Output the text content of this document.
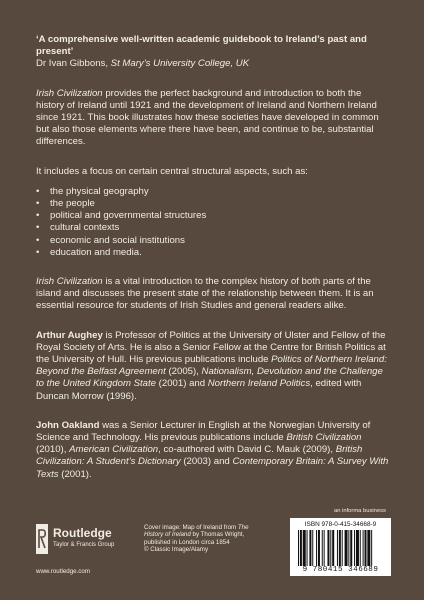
‘A comprehensive well-written academic guidebook to Ireland’s past and present’

Dr Ivan Gibbons, St Mary’s University College, UK

Irish Civilization provides the perfect background and introduction to both the history of Ireland until 1921 and the development of Ireland and Northern Ireland since 1921. This book illustrates how these societies have developed in common but also those elements where there have been, and continue to be, substantial differences.

It includes a focus on certain central structural aspects, such as:

• the physical geography
• the people
• political and governmental structures
• cultural contexts
• economic and social institutions
• education and media.

Irish Civilization is a vital introduction to the complex history of both parts of the island and discusses the present state of the relationship between them. It is an essential resource for students of Irish Studies and general readers alike.

Arthur Aughey is Professor of Politics at the University of Ulster and Fellow of the Royal Society of Arts. He is also a Senior Fellow at the Centre for British Politics at the University of Hull. His previous publications include Politics of Northern Ireland: Beyond the Belfast Agreement (2005), Nationalism, Devolution and the Challenge to the United Kingdom State (2001) and Northern Ireland Politics, edited with Duncan Morrow (1996).

John Oakland was a Senior Lecturer in English at the Norwegian University of Science and Technology. His previous publications include British Civilization (2010), American Civilization, co-authored with David C. Mauk (2009), British Civilization: A Student’s Dictionary (2003) and Contemporary Britain: A Survey With Texts (2001).

Routledge
Taylor & Francis Group
www.routledge.com
Cover image: Map of Ireland from The History of Ireland by Thomas Wright,
published in London circa 1854
© Classic Image/Alamy
an informa business
ISBN 978-0-415-34668-9
9 780415 346689
